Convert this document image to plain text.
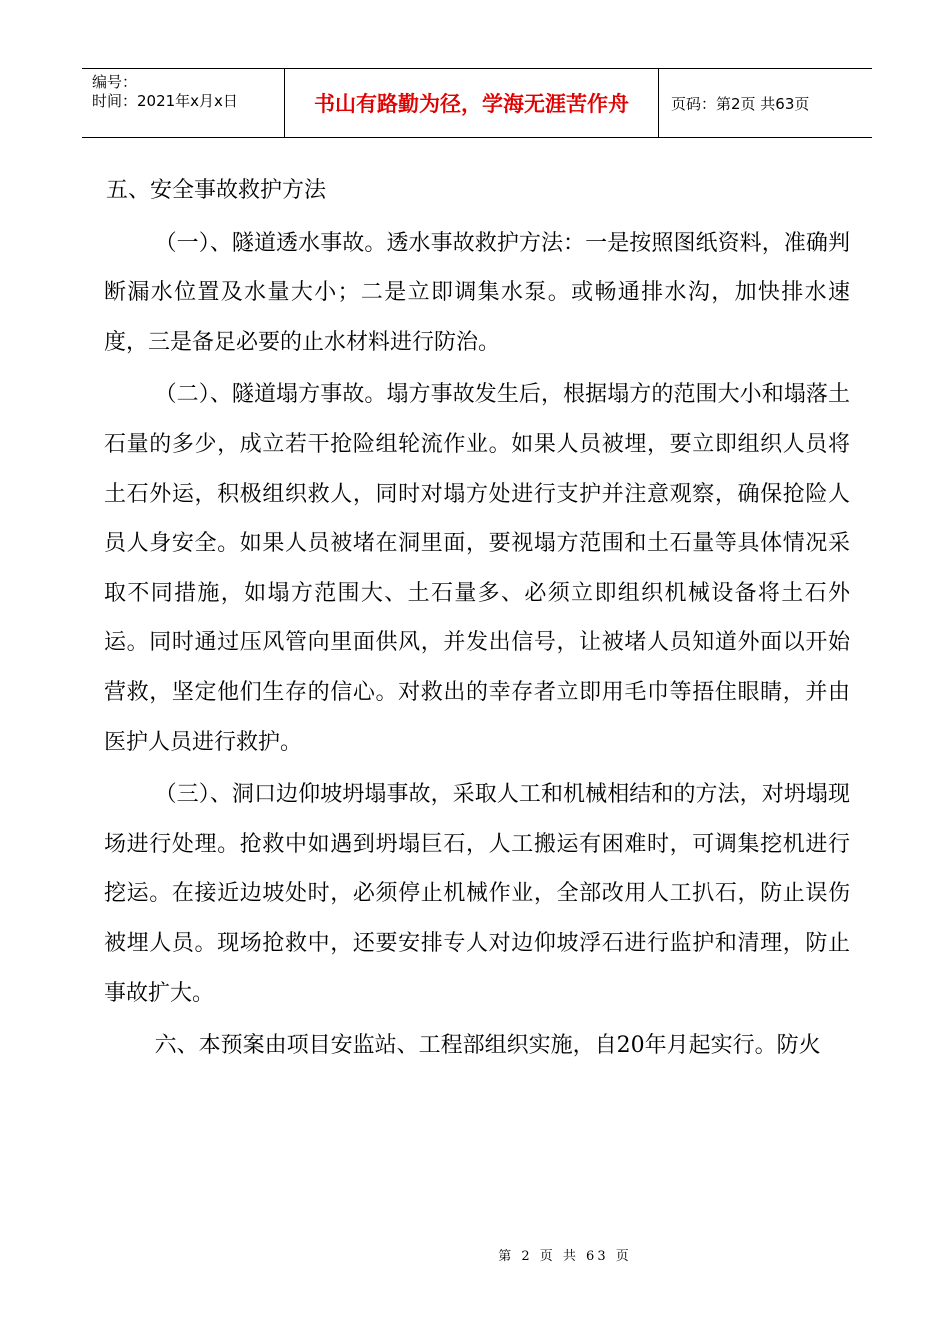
编号：
时间：2021年x月x日	书山有路勤为径，学海无涯苦作舟	页码：第2页 共63页

五、安全事故救护方法

（一）、隧道透水事故。透水事故救护方法：一是按照图纸资料，准确判断漏水位置及水量大小；二是立即调集水泵。或畅通排水沟，加快排水速度，三是备足必要的止水材料进行防治。

（二）、隧道塌方事故。塌方事故发生后，根据塌方的范围大小和塌落土石量的多少，成立若干抢险组轮流作业。如果人员被埋，要立即组织人员将土石外运，积极组织救人，同时对塌方处进行支护并注意观察，确保抢险人员人身安全。如果人员被堵在洞里面，要视塌方范围和土石量等具体情况采取不同措施，如塌方范围大、土石量多、必须立即组织机械设备将土石外运。同时通过压风管向里面供风，并发出信号，让被堵人员知道外面以开始营救，坚定他们生存的信心。对救出的幸存者立即用毛巾等捂住眼睛，并由医护人员进行救护。

（三）、洞口边仰坡坍塌事故，采取人工和机械相结和的方法，对坍塌现场进行处理。抢救中如遇到坍塌巨石，人工搬运有困难时，可调集挖机进行挖运。在接近边坡处时，必须停止机械作业，全部改用人工扒石，防止误伤被埋人员。现场抢救中，还要安排专人对边仰坡浮石进行监护和清理，防止事故扩大。

六、本预案由项目安监站、工程部组织实施，自20年月起实行。防火

第 2 页 共 63 页
